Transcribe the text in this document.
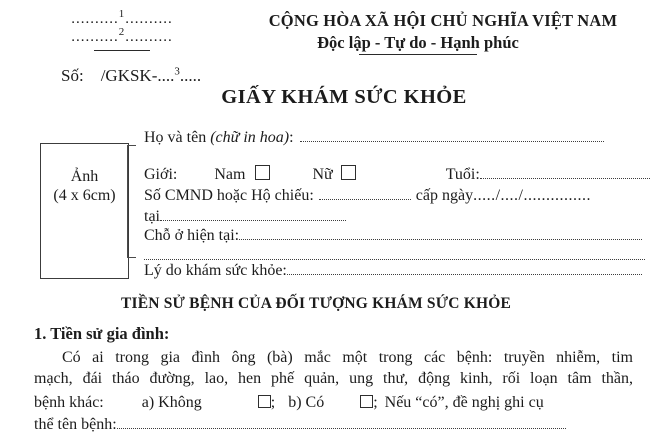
..........$^1$..........
..........$^2$..........
CỘNG HÒA XÃ HỘI CHỦ NGHĨA VIỆT NAM
Độc lập - Tự do - Hạnh phúc
Số: /GKSK-....$^3$.....
GIẤY KHÁM SỨC KHỎE
Ảnh
(4 x 6cm)
Họ và tên (chữ in hoa) :
Giới: Nam	Nữ	Tuổi:
Số CMND hoặc Hộ chiếu:	cấp ngày ...../..../...............
tại
Chỗ ở hiện tại:
Lý do khám sức khỏe:
TIỀN SỬ BỆNH CỦA ĐỐI TƯỢNG KHÁM SỨC KHỎE
1. Tiền sử gia đình:
Có ai trong gia đình ông (bà) mắc một trong các bệnh: truyền nhiễm, tim
mạch, đái tháo đường, lao, hen phế quản, ung thư, động kinh, rối loạn tâm thần,
bệnh khác: a) Không	; b) Có	; Nếu “có”, đề nghị ghi cụ
thể tên bệnh:
